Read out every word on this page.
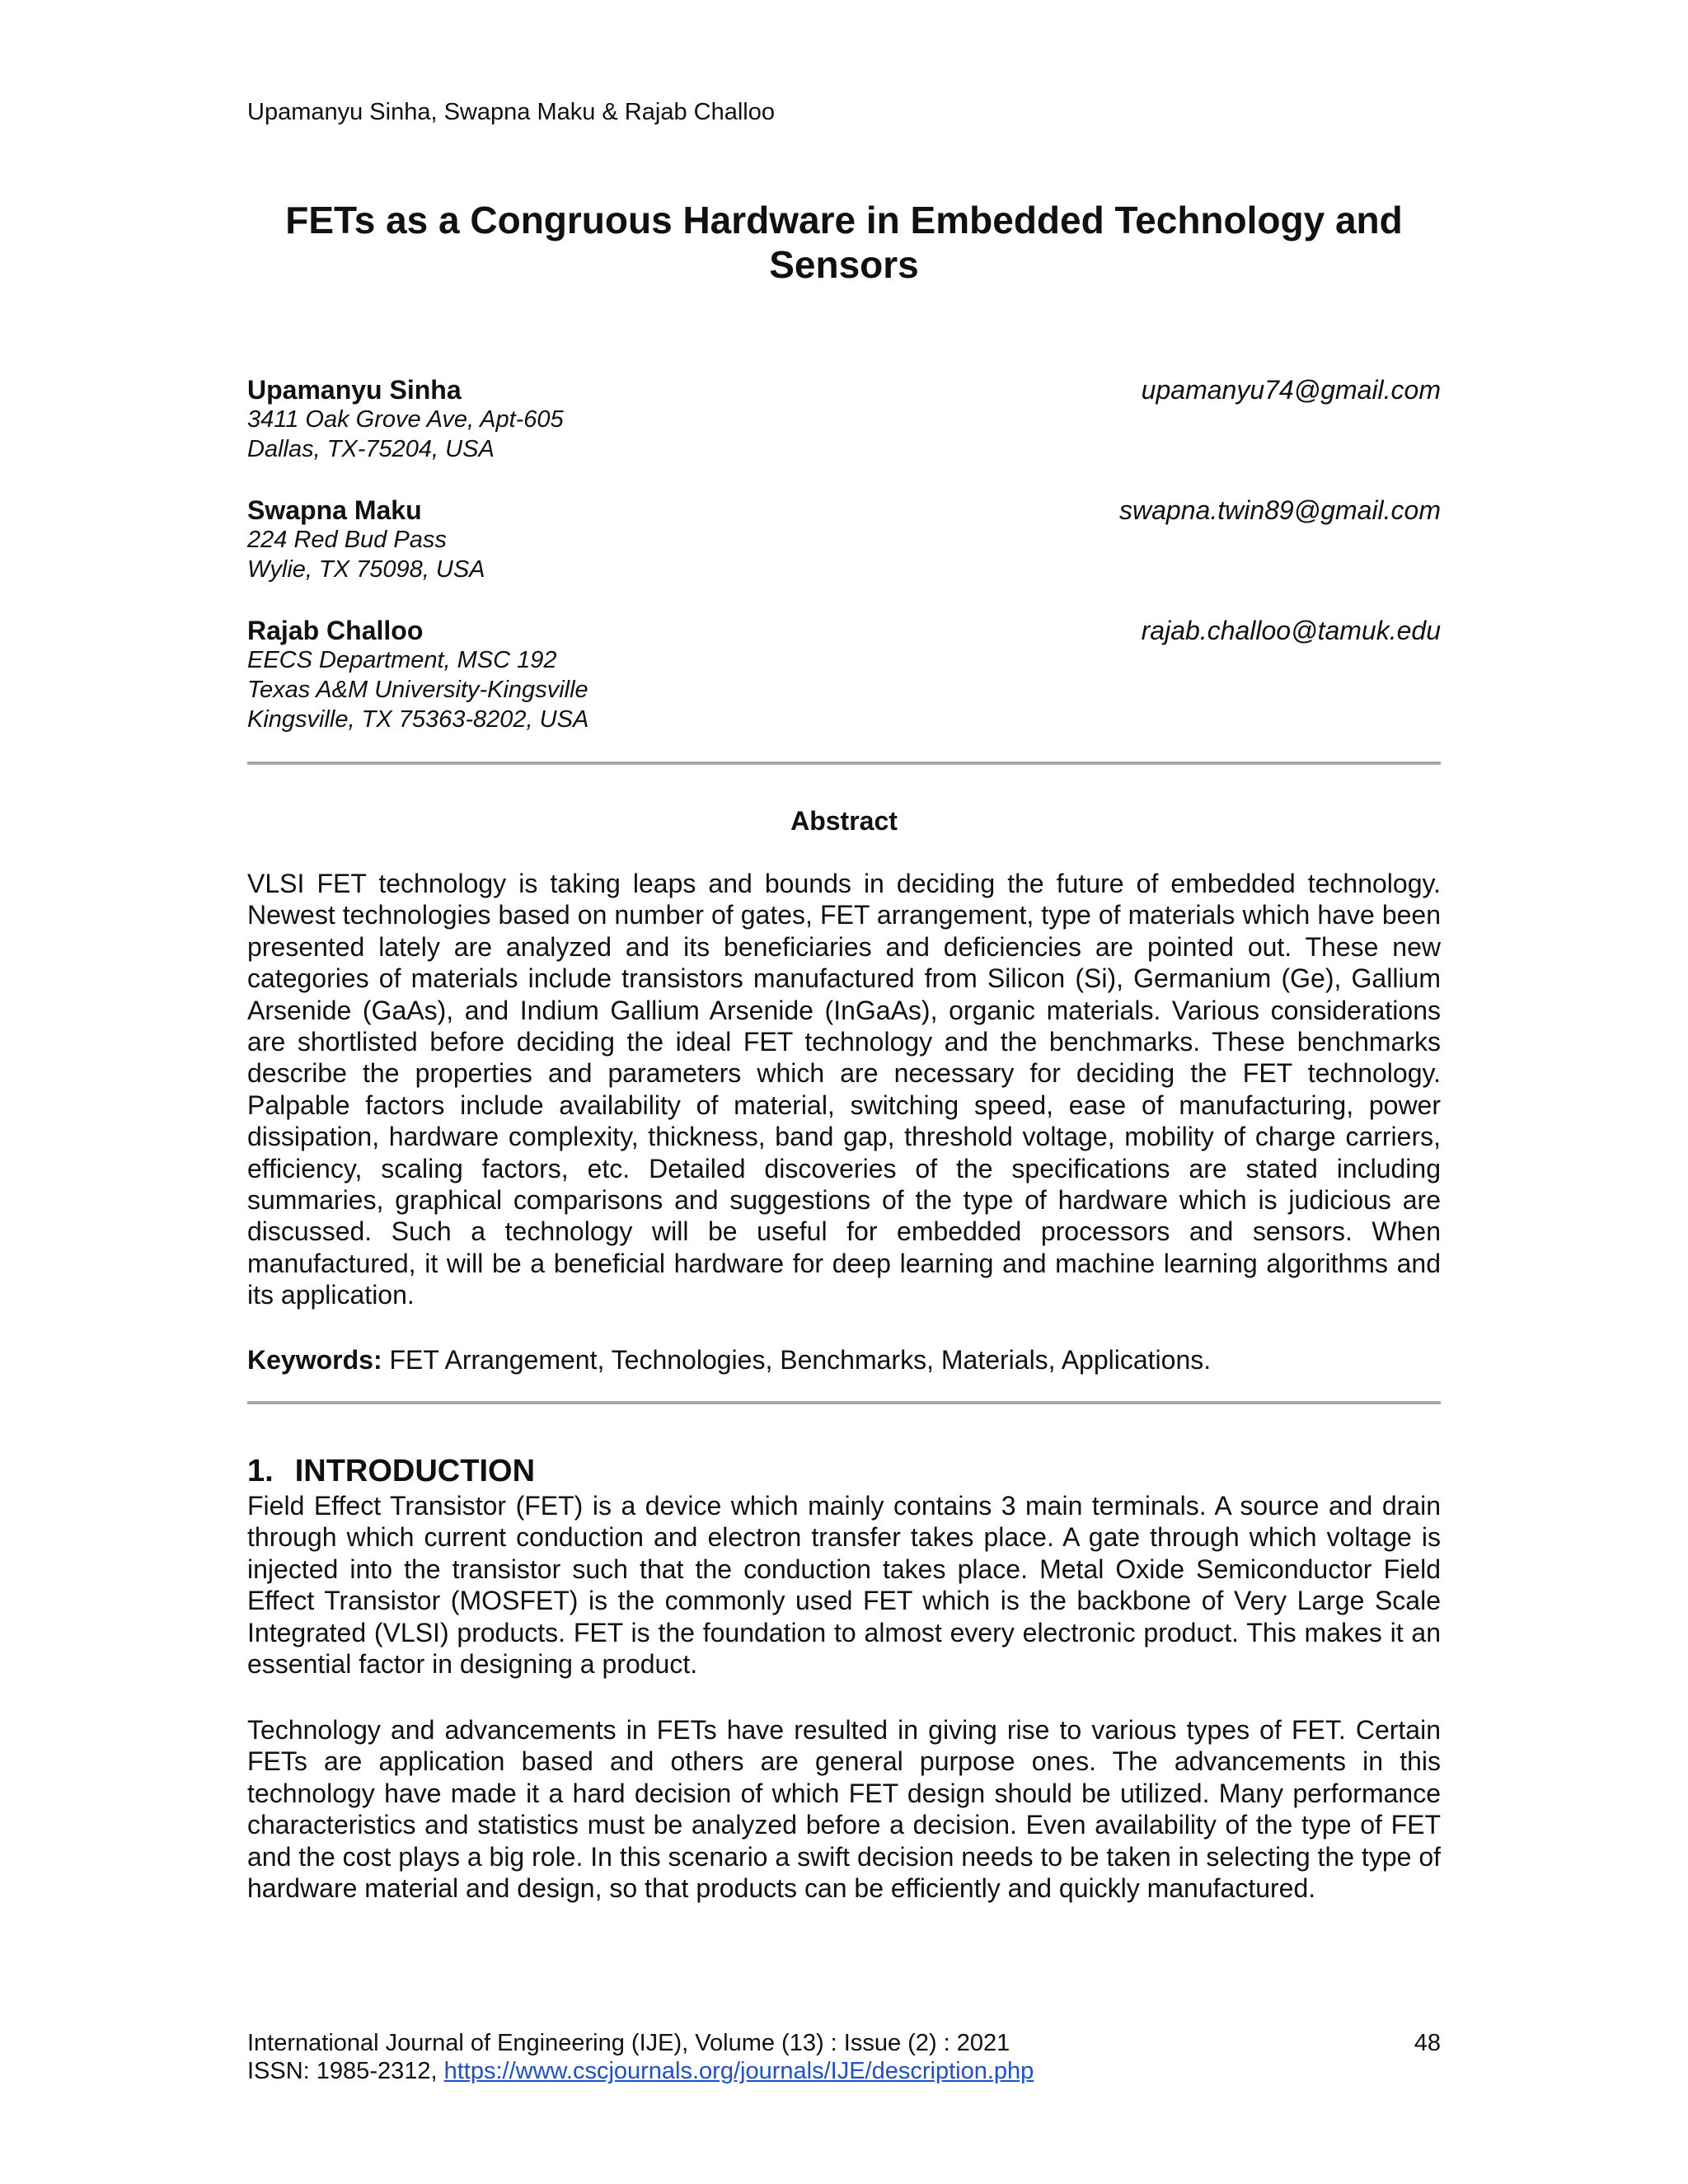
Upamanyu Sinha, Swapna Maku & Rajab Challoo
FETs as a Congruous Hardware in Embedded Technology and Sensors
Upamanyu Sinha
3411 Oak Grove Ave, Apt-605
Dallas, TX-75204, USA
upamanyu74@gmail.com
Swapna Maku
224 Red Bud Pass
Wylie, TX 75098, USA
swapna.twin89@gmail.com
Rajab Challoo
EECS Department, MSC 192
Texas A&M University-Kingsville
Kingsville, TX 75363-8202, USA
rajab.challoo@tamuk.edu
Abstract
VLSI FET technology is taking leaps and bounds in deciding the future of embedded technology. Newest technologies based on number of gates, FET arrangement, type of materials which have been presented lately are analyzed and its beneficiaries and deficiencies are pointed out. These new categories of materials include transistors manufactured from Silicon (Si), Germanium (Ge), Gallium Arsenide (GaAs), and Indium Gallium Arsenide (InGaAs), organic materials. Various considerations are shortlisted before deciding the ideal FET technology and the benchmarks. These benchmarks describe the properties and parameters which are necessary for deciding the FET technology. Palpable factors include availability of material, switching speed, ease of manufacturing, power dissipation, hardware complexity, thickness, band gap, threshold voltage, mobility of charge carriers, efficiency, scaling factors, etc. Detailed discoveries of the specifications are stated including summaries, graphical comparisons and suggestions of the type of hardware which is judicious are discussed. Such a technology will be useful for embedded processors and sensors. When manufactured, it will be a beneficial hardware for deep learning and machine learning algorithms and its application.
Keywords: FET Arrangement, Technologies, Benchmarks, Materials, Applications.
1. INTRODUCTION
Field Effect Transistor (FET) is a device which mainly contains 3 main terminals. A source and drain through which current conduction and electron transfer takes place. A gate through which voltage is injected into the transistor such that the conduction takes place. Metal Oxide Semiconductor Field Effect Transistor (MOSFET) is the commonly used FET which is the backbone of Very Large Scale Integrated (VLSI) products. FET is the foundation to almost every electronic product. This makes it an essential factor in designing a product.
Technology and advancements in FETs have resulted in giving rise to various types of FET. Certain FETs are application based and others are general purpose ones. The advancements in this technology have made it a hard decision of which FET design should be utilized. Many performance characteristics and statistics must be analyzed before a decision. Even availability of the type of FET and the cost plays a big role. In this scenario a swift decision needs to be taken in selecting the type of hardware material and design, so that products can be efficiently and quickly manufactured.
International Journal of Engineering (IJE), Volume (13) : Issue (2) : 2021
ISSN: 1985-2312, https://www.cscjournals.org/journals/IJE/description.php
48
